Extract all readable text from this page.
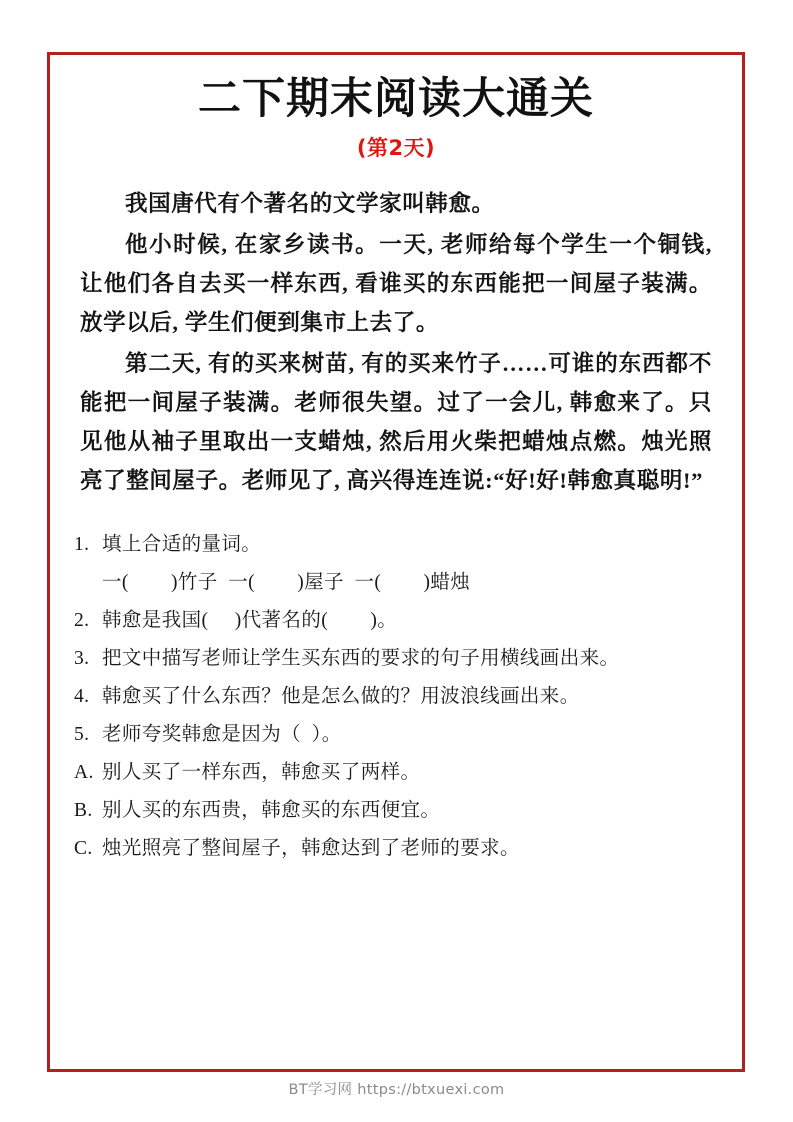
二下期末阅读大通关
(第2天)

我国唐代有个著名的文学家叫韩愈。

他小时候, 在家乡读书。一天, 老师给每个学生一个铜钱, 让他们各自去买一样东西, 看谁买的东西能把一间屋子装满。放学以后, 学生们便到集市上去了。

第二天, 有的买来树苗, 有的买来竹子……可谁的东西都不能把一间屋子装满。老师很失望。过了一会儿, 韩愈来了。只见他从袖子里取出一支蜡烛, 然后用火柴把蜡烛点燃。烛光照亮了整间屋子。老师见了, 高兴得连连说:“好!好!韩愈真聪明!”

1. 填上合适的量词。

一(        )竹子  一(        )屋子  一(        )蜡烛

2. 韩愈是我国(     )代著名的(        )。

3. 把文中描写老师让学生买东西的要求的句子用横线画出来。

4. 韩愈买了什么东西？他是怎么做的？用波浪线画出来。

5. 老师夸奖韩愈是因为（  ）。

A. 别人买了一样东西，韩愈买了两样。

B. 别人买的东西贵，韩愈买的东西便宜。

C. 烛光照亮了整间屋子，韩愈达到了老师的要求。

BT学习网 https://btxuexi.com
